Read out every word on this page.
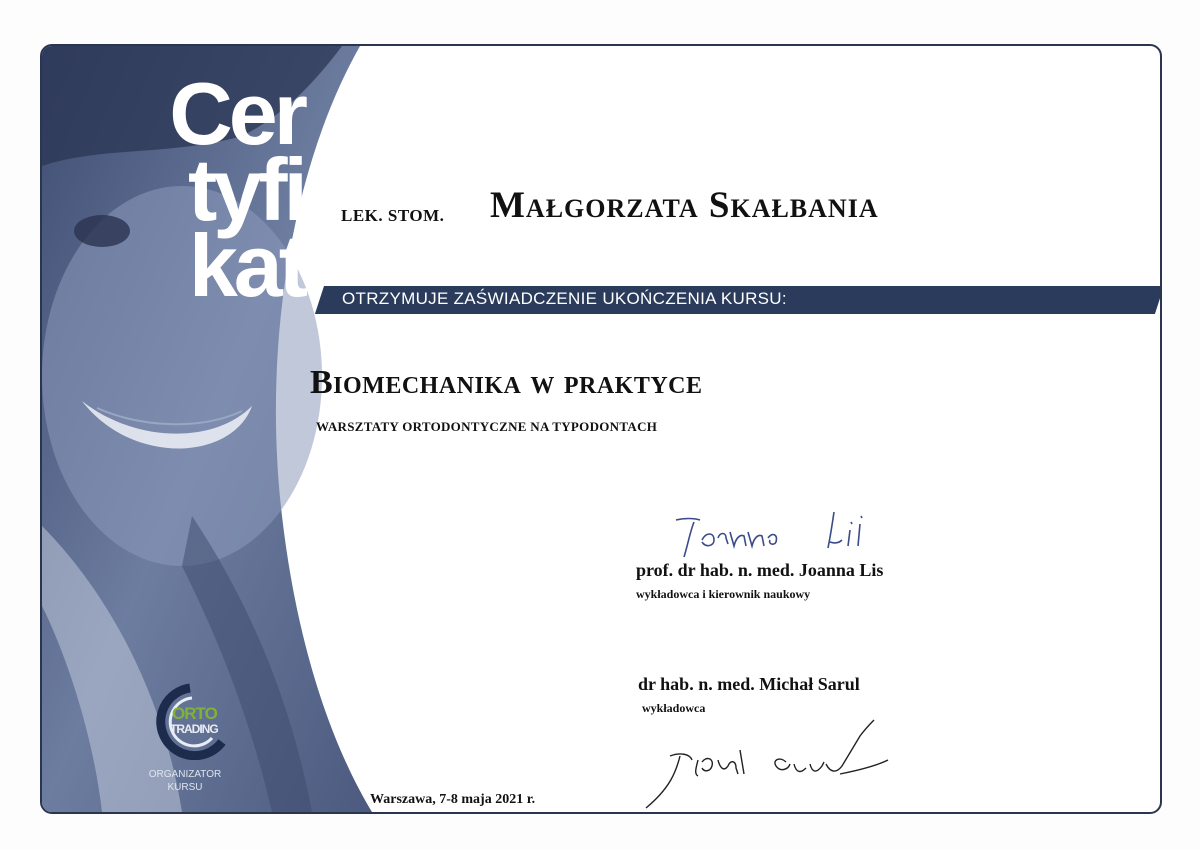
Cer
tyfi
kat
ORTO
TRADING
ORGANIZATOR
KURSU
LEK. STOM. Małgorzata Skałbania
OTRZYMUJE ZAŚWIADCZENIE UKOŃCZENIA KURSU:
Biomechanika w praktyce
WARSZTATY ORTODONTYCZNE NA TYPODONTACH
prof. dr hab. n. med. Joanna Lis
wykładowca i kierownik naukowy
dr hab. n. med. Michał Sarul
wykładowca
Warszawa, 7-8 maja 2021 r.
